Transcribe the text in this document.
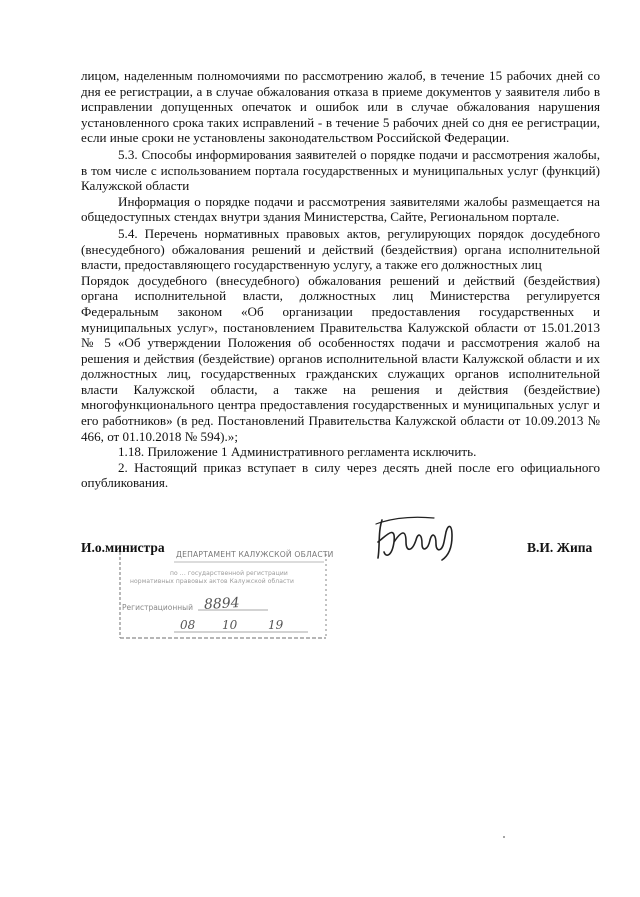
лицом, наделенным полномочиями по рассмотрению жалоб, в течение 15 рабочих дней со дня ее регистрации, а в случае обжалования отказа в приеме документов у заявителя либо в исправлении допущенных опечаток и ошибок или в случае обжалования нарушения установленного срока таких исправлений - в течение 5 рабочих дней со дня ее регистрации, если иные сроки не установлены законодательством Российской Федерации.

5.3. Способы информирования заявителей о порядке подачи и рассмотрения жалобы, в том числе с использованием портала государственных и муниципальных услуг (функций) Калужской области

Информация о порядке подачи и рассмотрения заявителями жалобы размещается на общедоступных стендах внутри здания Министерства, Сайте, Региональном портале.

5.4. Перечень нормативных правовых актов, регулирующих порядок досудебного (внесудебного) обжалования решений и действий (бездействия) органа исполнительной власти, предоставляющего государственную услугу, а также его должностных лиц

Порядок досудебного (внесудебного) обжалования решений и действий (бездействия) органа исполнительной власти, должностных лиц Министерства регулируется Федеральным законом «Об организации предоставления государственных и муниципальных услуг», постановлением Правительства Калужской области от 15.01.2013 № 5 «Об утверждении Положения об особенностях подачи и рассмотрения жалоб на решения и действия (бездействие) органов исполнительной власти Калужской области и их должностных лиц, государственных гражданских служащих органов исполнительной власти Калужской области, а также на решения и действия (бездействие) многофункционального центра предоставления государственных и муниципальных услуг и его работников» (в ред. Постановлений Правительства Калужской области от 10.09.2013 № 466, от 01.10.2018 № 594).»;

1.18. Приложение 1 Административного регламента исключить.

2. Настоящий приказ вступает в силу через десять дней после его официального опубликования.

И.о.министра	В.И. Жипа
ДЕПАРТАМЕНТ КАЛУЖСКОЙ ОБЛАСТИ
по ... государственной регистрации
нормативных правовых актов Калужской области
Регистрационный 8894
08 10	19
